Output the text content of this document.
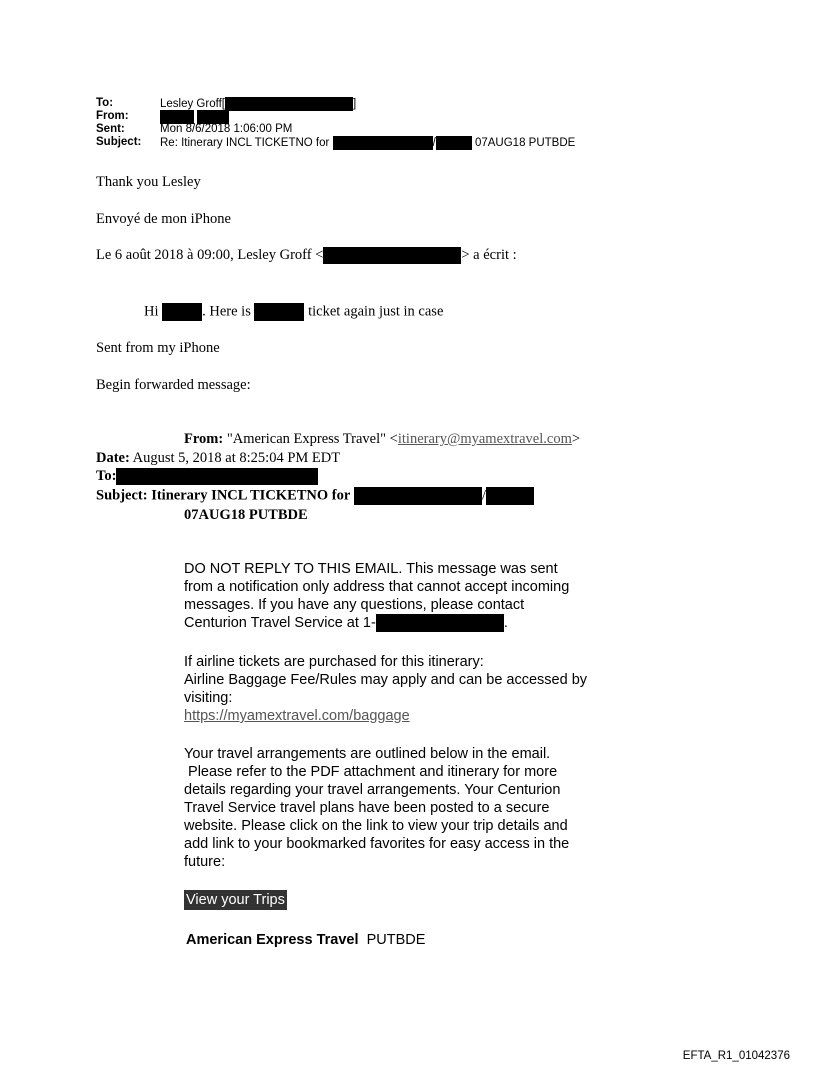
To:	Lesley Groff[	]
From:

Sent:	Mon 8/6/2018 1:06:00 PM
Subject: Re: Itinerary INCL TICKETNO for	/	07AUG18 PUTBDE
Thank you Lesley
Envoyé de mon iPhone
Le 6 août 2018 à 09:00, Lesley Groff <	> a écrit :
Hi	. Here is	ticket again just in case
Sent from my iPhone
Begin forwarded message:
From: "American Express Travel" <itinerary@myamextravel.com>
Date: August 5, 2018 at 8:25:04 PM EDT
To:
Subject: Itinerary INCL TICKETNO for	/
07AUG18 PUTBDE
DO NOT REPLY TO THIS EMAIL. This message was sent
from a notification only address that cannot accept incoming
messages. If you have any questions, please contact
Centurion Travel Service at 1-	.
If airline tickets are purchased for this itinerary:
Airline Baggage Fee/Rules may apply and can be accessed by
visiting:
https://myamextravel.com/baggage
Your travel arrangements are outlined below in the email.
Please refer to the PDF attachment and itinerary for more
details regarding your travel arrangements. Your Centurion
Travel Service travel plans have been posted to a secure
website. Please click on the link to view your trip details and
add link to your bookmarked favorites for easy access in the
future:
View your Trips
American Express Travel PUTBDE
EFTA_R1_01042376
